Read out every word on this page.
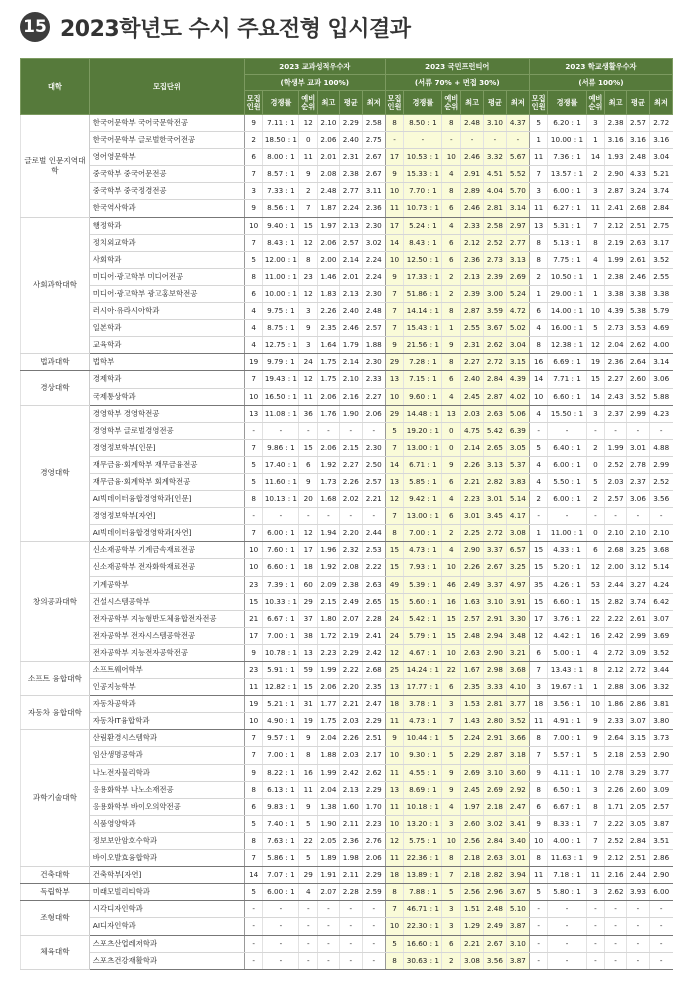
15 2023학년도 수시 주요전형 입시결과
대학	모집단위	2023 교과성적우수자						2023 국민프런티어						2023 학교생활우수자					
		(학생부 교과 100%)						(서류 70% + 면접 30%)						(서류 100%)					
		모집 인원	경쟁률	예비 순위	최고	평균	최저	모집 인원	경쟁률	예비 순위	최고	평균	최저	모집 인원	경쟁률	예비 순위	최고	평균	최저
글로벌 인문지역대학	한국어문학부 국어국문학전공	9	7.11 : 1	12	2.10	2.29	2.58	8	8.50 : 1	8	2.48	3.10	4.37	5	6.20 : 1	3	2.38	2.57	2.72
	한국어문학부 글로벌한국어전공	2	18.50 : 1	0	2.06	2.40	2.75	-	-	-	-	-	-	1	10.00 : 1	1	3.16	3.16	3.16
	영어영문학부	6	8.00 : 1	11	2.01	2.31	2.67	17	10.53 : 1	10	2.46	3.32	5.67	11	7.36 : 1	14	1.93	2.48	3.04
	중국학부 중국어문전공	7	8.57 : 1	9	2.08	2.38	2.67	9	15.33 : 1	4	2.91	4.51	5.52	7	13.57 : 1	2	2.90	4.33	5.21
	중국학부 중국정경전공	3	7.33 : 1	2	2.48	2.77	3.11	10	7.70 : 1	8	2.89	4.04	5.70	3	6.00 : 1	3	2.87	3.24	3.74
	한국역사학과	9	8.56 : 1	7	1.87	2.24	2.36	11	10.73 : 1	6	2.46	2.81	3.14	11	6.27 : 1	11	2.41	2.68	2.84
사회과학대학	행정학과	10	9.40 : 1	15	1.97	2.13	2.30	17	5.24 : 1	4	2.33	2.58	2.97	13	5.31 : 1	7	2.12	2.51	2.75
	정치외교학과	7	8.43 : 1	12	2.06	2.57	3.02	14	8.43 : 1	6	2.12	2.52	2.77	8	5.13 : 1	8	2.19	2.63	3.17
	사회학과	5	12.00 : 1	8	2.00	2.14	2.24	10	12.50 : 1	6	2.36	2.73	3.13	8	7.75 : 1	4	1.99	2.61	3.52
	미디어·광고학부 미디어전공	8	11.00 : 1	23	1.46	2.01	2.24	9	17.33 : 1	2	2.13	2.39	2.69	2	10.50 : 1	1	2.38	2.46	2.55
	미디어·광고학부 광고홍보학전공	6	10.00 : 1	12	1.83	2.13	2.30	7	51.86 : 1	2	2.39	3.00	5.24	1	29.00 : 1	1	3.38	3.38	3.38
	러시아·유라시아학과	4	9.75 : 1	3	2.26	2.40	2.48	7	14.14 : 1	8	2.87	3.59	4.72	6	14.00 : 1	10	4.39	5.38	5.79
	일본학과	4	8.75 : 1	9	2.35	2.46	2.57	7	15.43 : 1	1	2.55	3.67	5.02	4	16.00 : 1	5	2.73	3.53	4.69
	교육학과	4	12.75 : 1	3	1.64	1.79	1.88	9	21.56 : 1	9	2.31	2.62	3.04	8	12.38 : 1	12	2.04	2.62	4.00
법과대학	법학부	19	9.79 : 1	24	1.75	2.14	2.30	29	7.28 : 1	8	2.27	2.72	3.15	16	6.69 : 1	19	2.36	2.64	3.14
경상대학	경제학과	7	19.43 : 1	12	1.75	2.10	2.33	13	7.15 : 1	6	2.40	2.84	4.39	14	7.71 : 1	15	2.27	2.60	3.06
	국제통상학과	10	16.50 : 1	11	2.06	2.16	2.27	10	9.60 : 1	4	2.45	2.87	4.02	10	6.60 : 1	14	2.43	3.52	5.88
경영대학	경영학부 경영학전공	13	11.08 : 1	36	1.76	1.90	2.06	29	14.48 : 1	13	2.03	2.63	5.06	4	15.50 : 1	3	2.37	2.99	4.23
	경영학부 글로벌경영전공	-	-	-	-	-	-	5	19.20 : 1	0	4.75	5.42	6.39	-	-	-	-	-	-
	경영정보학부[인문]	7	9.86 : 1	15	2.06	2.15	2.30	7	13.00 : 1	0	2.14	2.65	3.05	5	6.40 : 1	2	1.99	3.01	4.88
	재무금융·회계학부 재무금융전공	5	17.40 : 1	6	1.92	2.27	2.50	14	6.71 : 1	9	2.26	3.13	5.37	4	6.00 : 1	0	2.52	2.78	2.99
	재무금융·회계학부 회계학전공	5	11.60 : 1	9	1.73	2.26	2.57	13	5.85 : 1	6	2.21	2.82	3.83	4	5.50 : 1	5	2.03	2.37	2.52
	AI빅데이터융합경영학과[인문]	8	10.13 : 1	20	1.68	2.02	2.21	12	9.42 : 1	4	2.23	3.01	5.14	2	6.00 : 1	2	2.57	3.06	3.56
	경영정보학부[자연]	-	-	-	-	-	-	7	13.00 : 1	6	3.01	3.45	4.17	-	-	-	-	-	-
	AI빅데이터융합경영학과[자연]	7	6.00 : 1	12	1.94	2.20	2.44	8	7.00 : 1	2	2.25	2.72	3.08	1	11.00 : 1	0	2.10	2.10	2.10
창의공과대학	신소재공학부 기계금속재료전공	10	7.60 : 1	17	1.96	2.32	2.53	15	4.73 : 1	4	2.90	3.37	6.57	15	4.33 : 1	6	2.68	3.25	3.68
	신소재공학부 전자화학재료전공	10	6.60 : 1	18	1.92	2.08	2.22	15	7.93 : 1	10	2.26	2.67	3.25	15	5.20 : 1	12	2.00	3.12	5.14
	기계공학부	23	7.39 : 1	60	2.09	2.38	2.63	49	5.39 : 1	46	2.49	3.37	4.97	35	4.26 : 1	53	2.44	3.27	4.24
	건설시스템공학부	15	10.33 : 1	29	2.15	2.49	2.65	15	5.60 : 1	16	1.63	3.10	3.91	15	6.60 : 1	15	2.82	3.74	6.42
	전자공학부 지능형반도체융합전자전공	21	6.67 : 1	37	1.80	2.07	2.28	24	5.42 : 1	15	2.57	2.91	3.30	17	3.76 : 1	22	2.22	2.61	3.07
	전자공학부 전자시스템공학전공	17	7.00 : 1	38	1.72	2.19	2.41	24	5.79 : 1	15	2.48	2.94	3.48	12	4.42 : 1	16	2.42	2.99	3.69
	전자공학부 지능전자공학전공	9	10.78 : 1	13	2.23	2.29	2.42	12	4.67 : 1	10	2.63	2.90	3.21	6	5.00 : 1	4	2.72	3.09	3.52
소프트 융합대학	소프트웨어학부	23	5.91 : 1	59	1.99	2.22	2.68	25	14.24 : 1	22	1.67	2.98	3.68	7	13.43 : 1	8	2.12	2.72	3.44
	인공지능학부	11	12.82 : 1	15	2.06	2.20	2.35	13	17.77 : 1	6	2.35	3.33	4.10	3	19.67 : 1	1	2.88	3.06	3.32
자동차 융합대학	자동차공학과	19	5.21 : 1	31	1.77	2.21	2.47	18	3.78 : 1	3	1.53	2.81	3.77	18	3.56 : 1	10	1.86	2.86	3.81
	자동차IT융합학과	10	4.90 : 1	19	1.75	2.03	2.29	11	4.73 : 1	7	1.43	2.80	3.52	11	4.91 : 1	9	2.33	3.07	3.80
과학기술대학	산림환경시스템학과	7	9.57 : 1	9	2.04	2.26	2.51	9	10.44 : 1	5	2.24	2.91	3.66	8	7.00 : 1	9	2.64	3.15	3.73
	임산생명공학과	7	7.00 : 1	8	1.88	2.03	2.17	10	9.30 : 1	5	2.29	2.87	3.18	7	5.57 : 1	5	2.18	2.53	2.90
	나노전자물리학과	9	8.22 : 1	16	1.99	2.42	2.62	11	4.55 : 1	9	2.69	3.10	3.60	9	4.11 : 1	10	2.78	3.29	3.77
	응용화학부 나노소재전공	8	6.13 : 1	11	2.04	2.13	2.29	13	8.69 : 1	9	2.45	2.69	2.92	8	6.50 : 1	3	2.26	2.60	3.09
	응용화학부 바이오의약전공	6	9.83 : 1	9	1.38	1.60	1.70	11	10.18 : 1	4	1.97	2.18	2.47	6	6.67 : 1	8	1.71	2.05	2.57
	식품영양학과	5	7.40 : 1	5	1.90	2.11	2.23	10	13.20 : 1	3	2.60	3.02	3.41	9	8.33 : 1	7	2.22	3.05	3.87
	정보보안암호수학과	8	7.63 : 1	22	2.05	2.36	2.76	12	5.75 : 1	10	2.56	2.84	3.40	10	4.00 : 1	7	2.52	2.84	3.51
	바이오발효융합학과	7	5.86 : 1	5	1.89	1.98	2.06	11	22.36 : 1	8	2.18	2.63	3.01	8	11.63 : 1	9	2.12	2.51	2.86
건축대학	건축학부[자연]	14	7.07 : 1	29	1.91	2.11	2.29	18	13.89 : 1	7	2.18	2.82	3.94	11	7.18 : 1	11	2.16	2.44	2.90
독립학부	미래모빌리티학과	5	6.00 : 1	4	2.07	2.28	2.59	8	7.88 : 1	5	2.56	2.96	3.67	5	5.80 : 1	3	2.62	3.93	6.00
조형대학	시각디자인학과	-	-	-	-	-	-	7	46.71 : 1	3	1.51	2.48	5.10	-	-	-	-	-	-
	AI디자인학과	-	-	-	-	-	-	10	22.30 : 1	3	1.29	2.49	3.87	-	-	-	-	-	-
체육대학	스포츠산업레저학과	-	-	-	-	-	-	5	16.60 : 1	6	2.21	2.67	3.10	-	-	-	-	-	-
	스포츠건강재활학과	-	-	-	-	-	-	8	30.63 : 1	2	3.08	3.56	3.87	-	-	-	-	-	-
